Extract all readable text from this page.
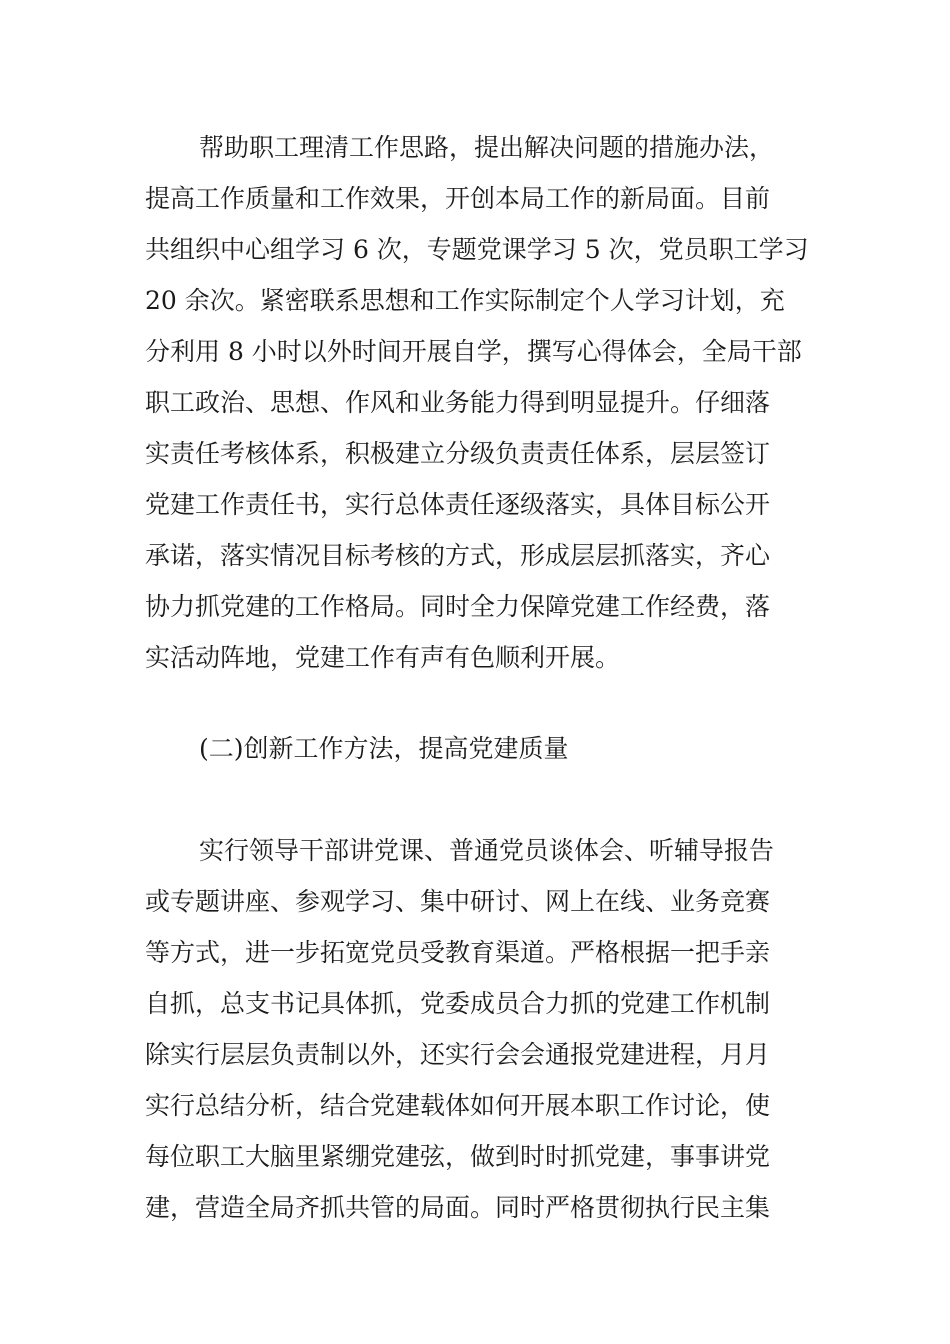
帮助职工理清工作思路，提出解决问题的措施办法，
提高工作质量和工作效果，开创本局工作的新局面。目前
共组织中心组学习 6 次，专题党课学习 5 次，党员职工学习
20 余次。紧密联系思想和工作实际制定个人学习计划，充
分利用 8 小时以外时间开展自学，撰写心得体会，全局干部
职工政治、思想、作风和业务能力得到明显提升。仔细落
实责任考核体系，积极建立分级负责责任体系，层层签订
党建工作责任书，实行总体责任逐级落实，具体目标公开
承诺，落实情况目标考核的方式，形成层层抓落实，齐心
协力抓党建的工作格局。同时全力保障党建工作经费，落
实活动阵地，党建工作有声有色顺利开展。
(二)创新工作方法，提高党建质量
实行领导干部讲党课、普通党员谈体会、听辅导报告
或专题讲座、参观学习、集中研讨、网上在线、业务竞赛
等方式，进一步拓宽党员受教育渠道。严格根据一把手亲
自抓，总支书记具体抓，党委成员合力抓的党建工作机制
除实行层层负责制以外，还实行会会通报党建进程，月月
实行总结分析，结合党建载体如何开展本职工作讨论，使
每位职工大脑里紧绷党建弦，做到时时抓党建，事事讲党
建，营造全局齐抓共管的局面。同时严格贯彻执行民主集
